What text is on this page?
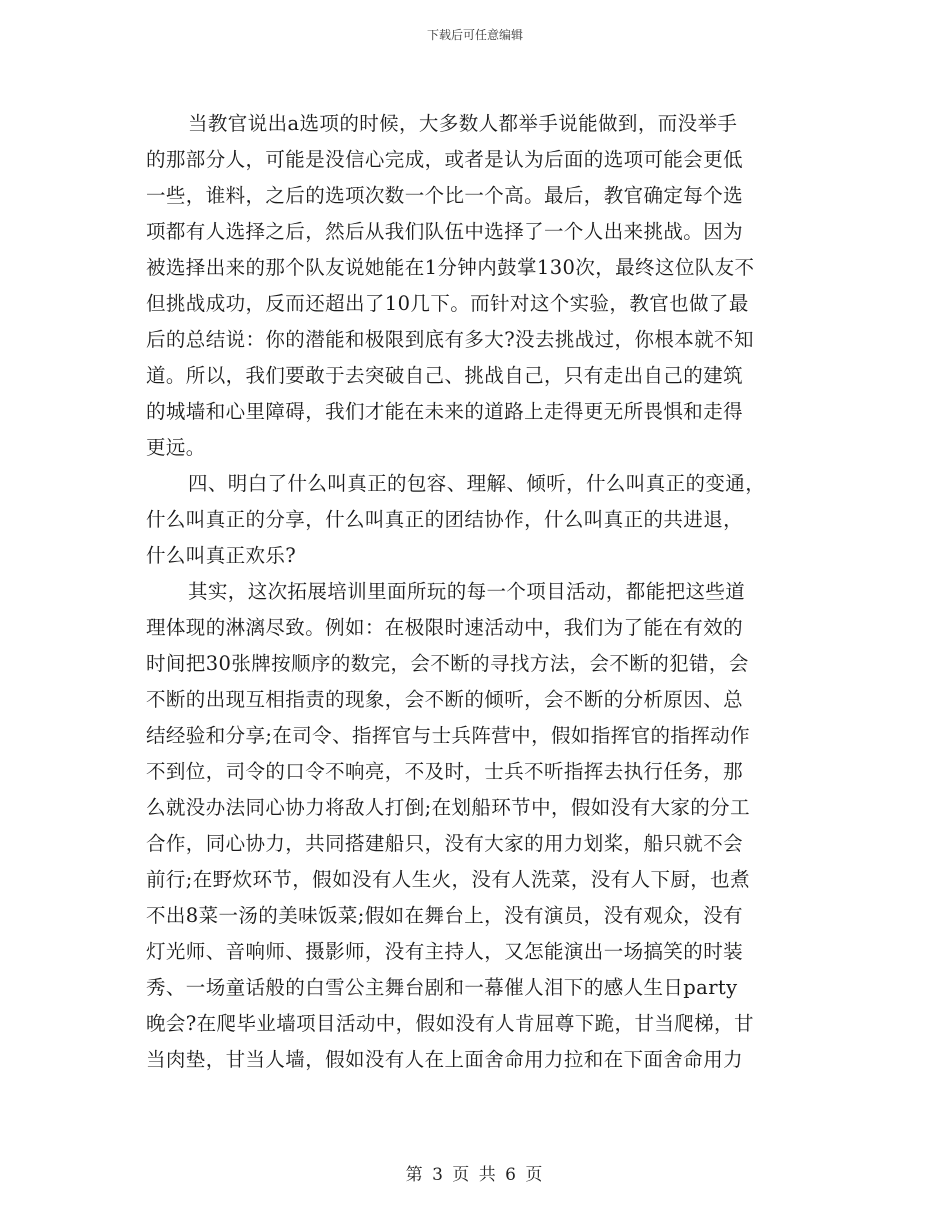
下载后可任意编辑
当教官说出a选项的时候，大多数人都举手说能做到，而没举手
的那部分人，可能是没信心完成，或者是认为后面的选项可能会更低
一些，谁料，之后的选项次数一个比一个高。最后，教官确定每个选
项都有人选择之后，然后从我们队伍中选择了一个人出来挑战。因为
被选择出来的那个队友说她能在1分钟内鼓掌130次，最终这位队友不
但挑战成功，反而还超出了10几下。而针对这个实验，教官也做了最
后的总结说：你的潜能和极限到底有多大?没去挑战过，你根本就不知
道。所以，我们要敢于去突破自己、挑战自己，只有走出自己的建筑
的城墙和心里障碍，我们才能在未来的道路上走得更无所畏惧和走得
更远。
四、明白了什么叫真正的包容、理解、倾听，什么叫真正的变通，
什么叫真正的分享，什么叫真正的团结协作，什么叫真正的共进退，
什么叫真正欢乐?
其实，这次拓展培训里面所玩的每一个项目活动，都能把这些道
理体现的淋漓尽致。例如：在极限时速活动中，我们为了能在有效的
时间把30张牌按顺序的数完，会不断的寻找方法，会不断的犯错，会
不断的出现互相指责的现象，会不断的倾听，会不断的分析原因、总
结经验和分享;在司令、指挥官与士兵阵营中，假如指挥官的指挥动作
不到位，司令的口令不响亮，不及时，士兵不听指挥去执行任务，那
么就没办法同心协力将敌人打倒;在划船环节中，假如没有大家的分工
合作，同心协力，共同搭建船只，没有大家的用力划桨，船只就不会
前行;在野炊环节，假如没有人生火，没有人洗菜，没有人下厨，也煮
不出8菜一汤的美味饭菜;假如在舞台上，没有演员，没有观众，没有
灯光师、音响师、摄影师，没有主持人，又怎能演出一场搞笑的时装
秀、一场童话般的白雪公主舞台剧和一幕催人泪下的感人生日party
晚会?在爬毕业墙项目活动中，假如没有人肯屈尊下跪，甘当爬梯，甘
当肉垫，甘当人墙，假如没有人在上面舍命用力拉和在下面舍命用力
第 3 页 共 6 页
